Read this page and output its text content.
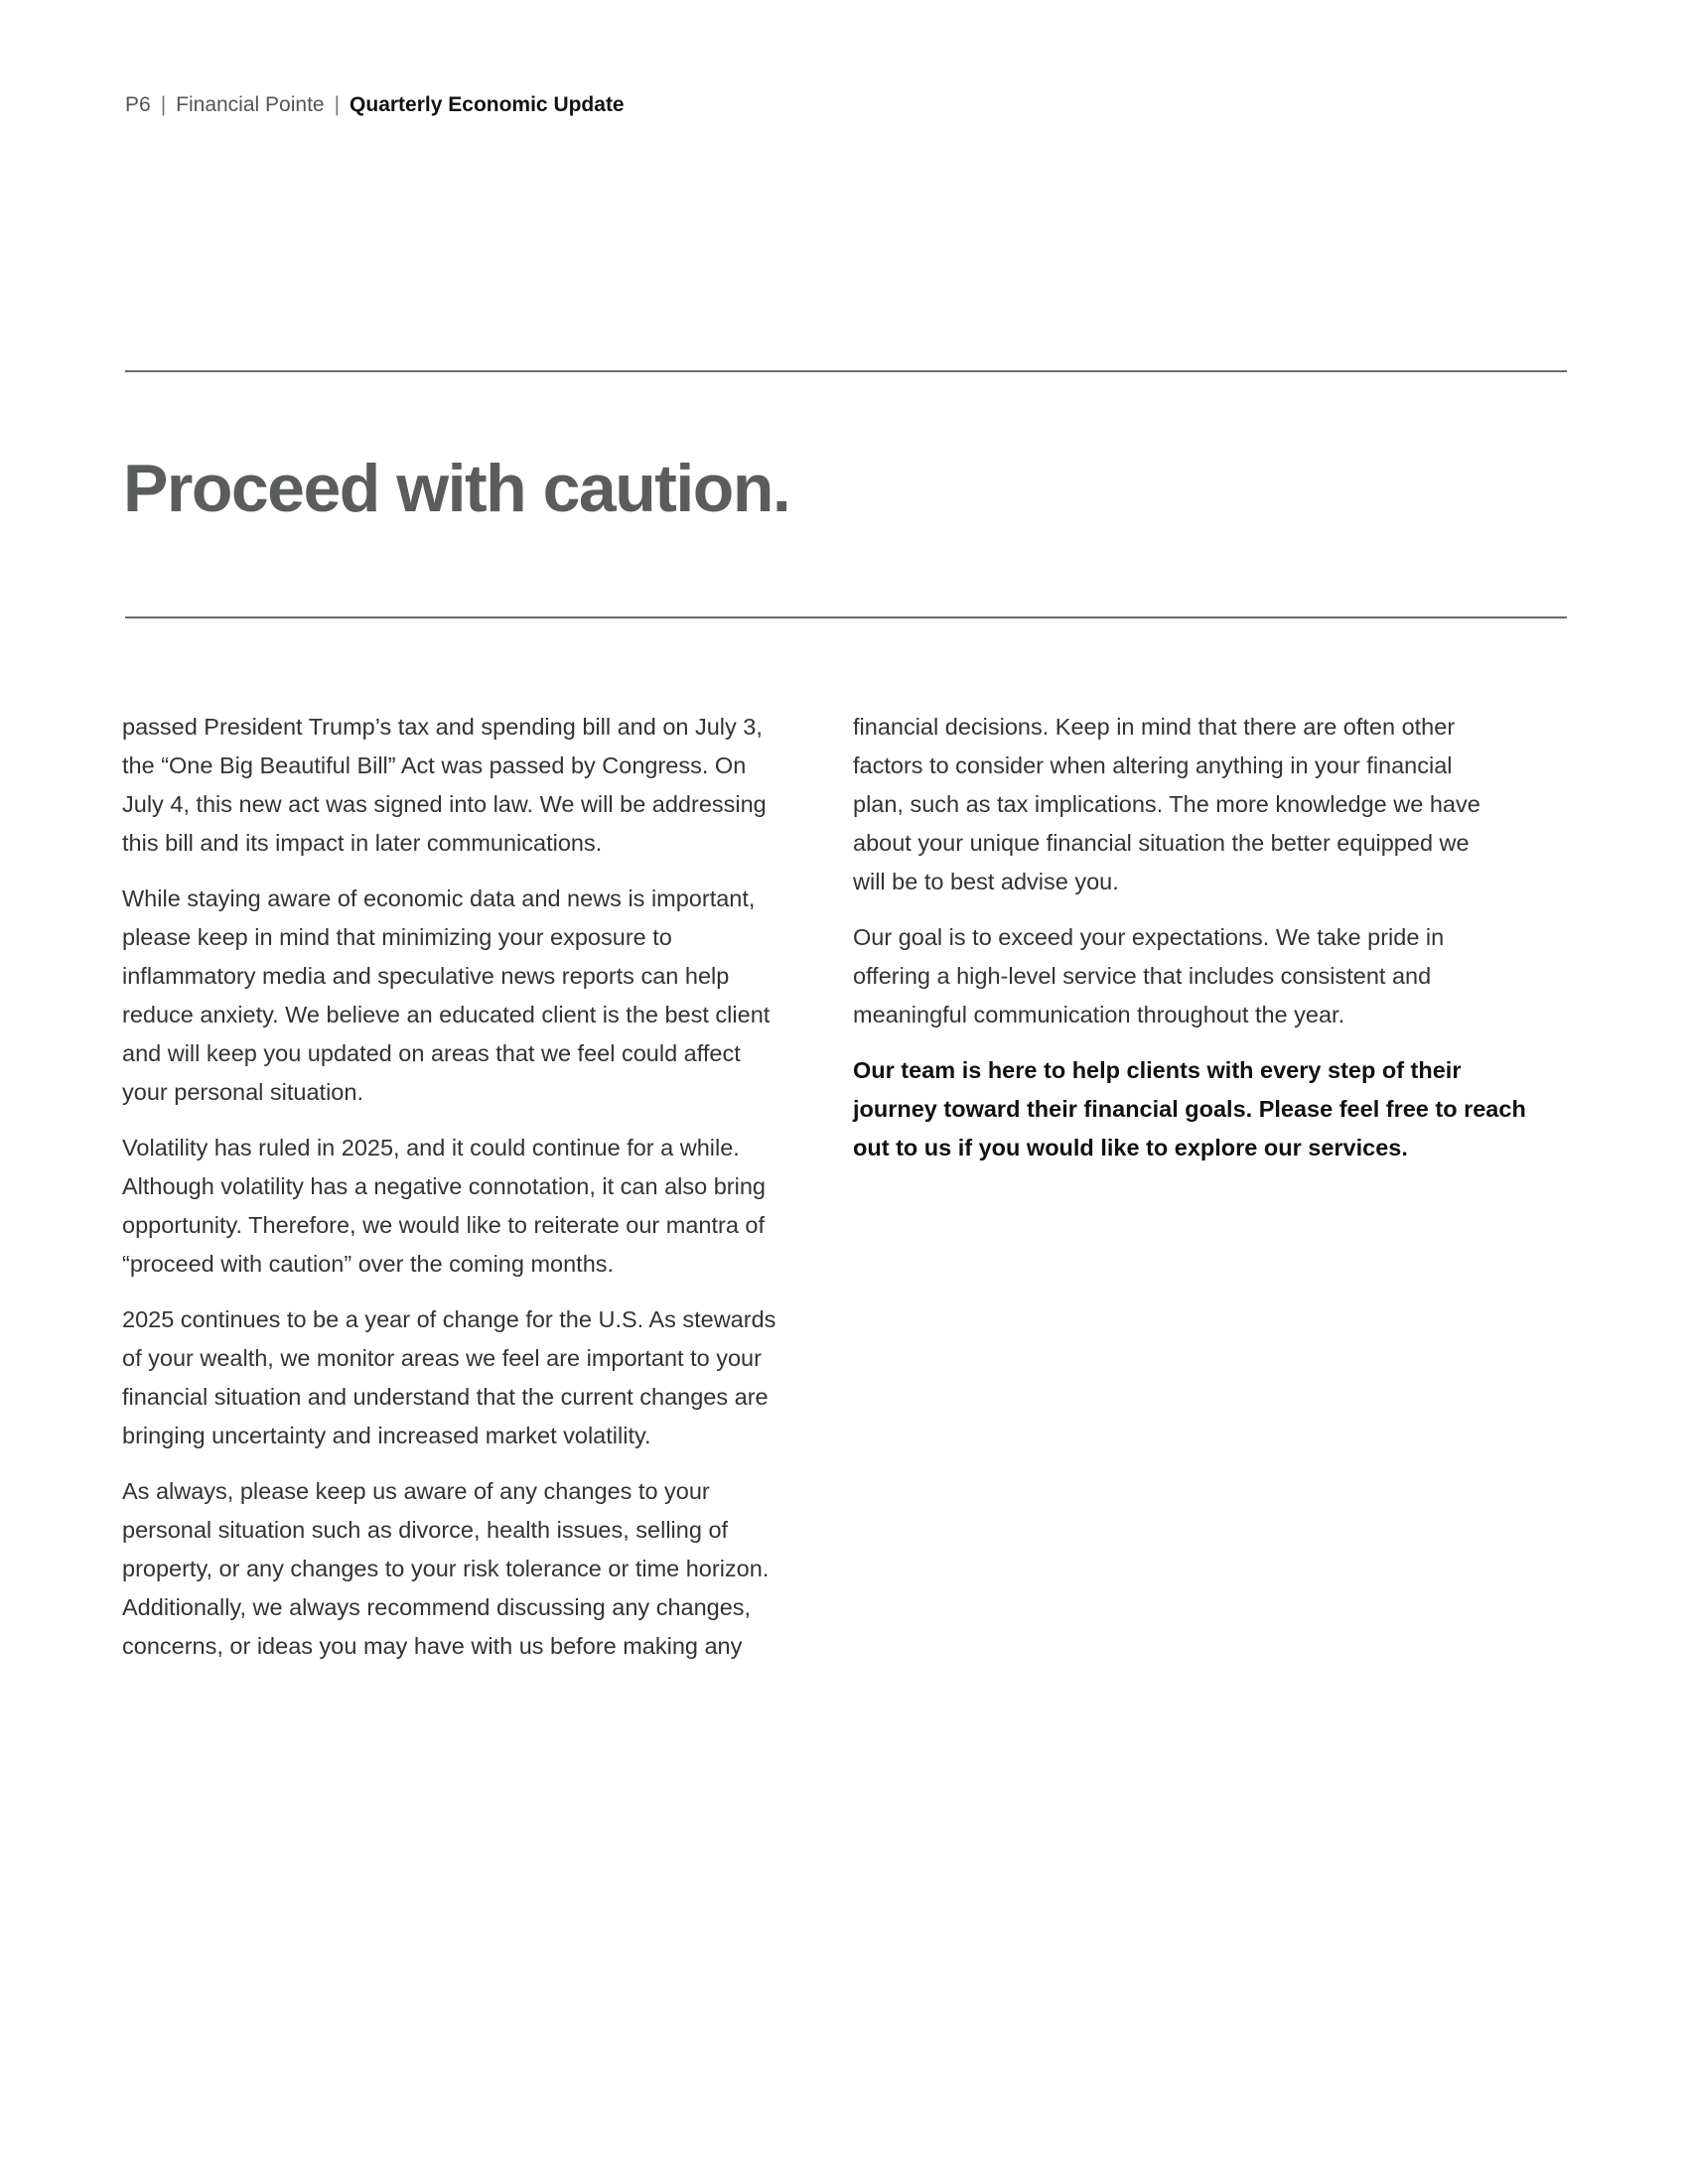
P6 | Financial Pointe | Quarterly Economic Update
Proceed with caution.

passed President Trump’s tax and spending bill and on July 3,
the “One Big Beautiful Bill” Act was passed by Congress. On
July 4, this new act was signed into law. We will be addressing
this bill and its impact in later communications.

While staying aware of economic data and news is important,
please keep in mind that minimizing your exposure to
inflammatory media and speculative news reports can help
reduce anxiety. We believe an educated client is the best client
and will keep you updated on areas that we feel could affect
your personal situation.

Volatility has ruled in 2025, and it could continue for a while.
Although volatility has a negative connotation, it can also bring
opportunity. Therefore, we would like to reiterate our mantra of
“proceed with caution” over the coming months.

2025 continues to be a year of change for the U.S. As stewards
of your wealth, we monitor areas we feel are important to your
financial situation and understand that the current changes are
bringing uncertainty and increased market volatility.

As always, please keep us aware of any changes to your
personal situation such as divorce, health issues, selling of
property, or any changes to your risk tolerance or time horizon.
Additionally, we always recommend discussing any changes,
concerns, or ideas you may have with us before making any

financial decisions. Keep in mind that there are often other
factors to consider when altering anything in your financial
plan, such as tax implications. The more knowledge we have
about your unique financial situation the better equipped we
will be to best advise you.

Our goal is to exceed your expectations. We take pride in
offering a high-level service that includes consistent and
meaningful communication throughout the year.

Our team is here to help clients with every step of their
journey toward their financial goals. Please feel free to reach
out to us if you would like to explore our services.
